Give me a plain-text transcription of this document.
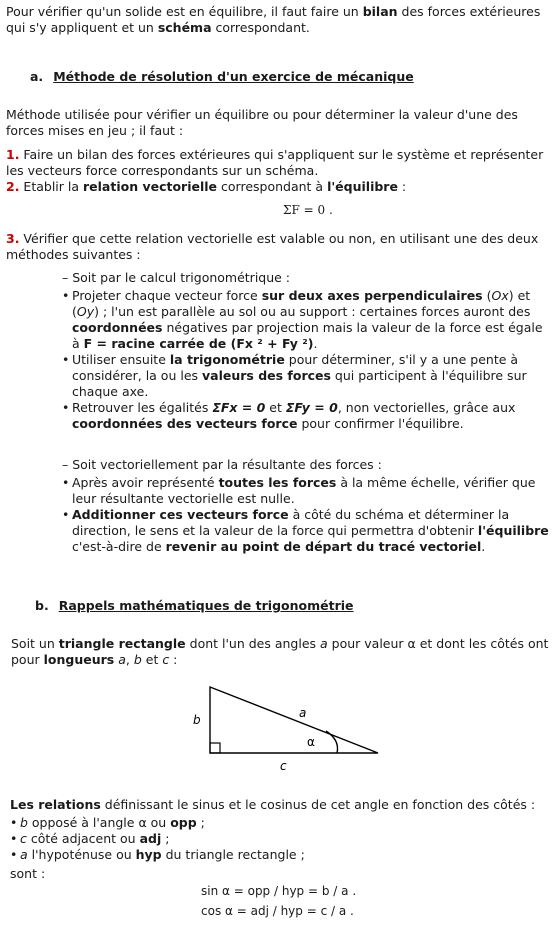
Pour vérifier qu'un solide est en équilibre, il faut faire un bilan des forces extérieures qui s'y appliquent et un schéma correspondant.

a. Méthode de résolution d'un exercice de mécanique

Méthode utilisée pour vérifier un équilibre ou pour déterminer la valeur d'une des forces mises en jeu ; il faut :

1. Faire un bilan des forces extérieures qui s'appliquent sur le système et représenter les vecteurs force correspondants sur un schéma.

2. Etablir la relation vectorielle correspondant à l'équilibre :

ΣF = 0 .

3. Vérifier que cette relation vectorielle est valable ou non, en utilisant une des deux méthodes suivantes :

– Soit par le calcul trigonométrique :
• Projeter chaque vecteur force sur deux axes perpendiculaires (Ox) et (Oy) ; l'un est parallèle au sol ou au support : certaines forces auront des coordonnées négatives par projection mais la valeur de la force est égale à F = racine carrée de (Fx ² + Fy ²).
• Utiliser ensuite la trigonométrie pour déterminer, s'il y a une pente à considérer, la ou les valeurs des forces qui participent à l'équilibre sur chaque axe.
• Retrouver les égalités ΣFx = 0 et ΣFy = 0, non vectorielles, grâce aux coordonnées des vecteurs force pour confirmer l'équilibre.
– Soit vectoriellement par la résultante des forces :
• Après avoir représenté toutes les forces à la même échelle, vérifier que leur résultante vectorielle est nulle.
• Additionner ces vecteurs force à côté du schéma et déterminer la direction, le sens et la valeur de la force qui permettra d'obtenir l'équilibre c'est-à-dire de revenir au point de départ du tracé vectoriel.
b. Rappels mathématiques de trigonométrie

Soit un triangle rectangle dont l'un des angles a pour valeur α et dont les côtés ont pour longueurs a, b et c :

b	a
α
c

Les relations définissant le sinus et le cosinus de cet angle en fonction des côtés :

• b opposé à l'angle α ou opp ;
• c côté adjacent ou adj ;
• a l'hypoténuse ou hyp du triangle rectangle ;

sont :

sin α = opp / hyp = b / a .
cos α = adj / hyp = c / a .
